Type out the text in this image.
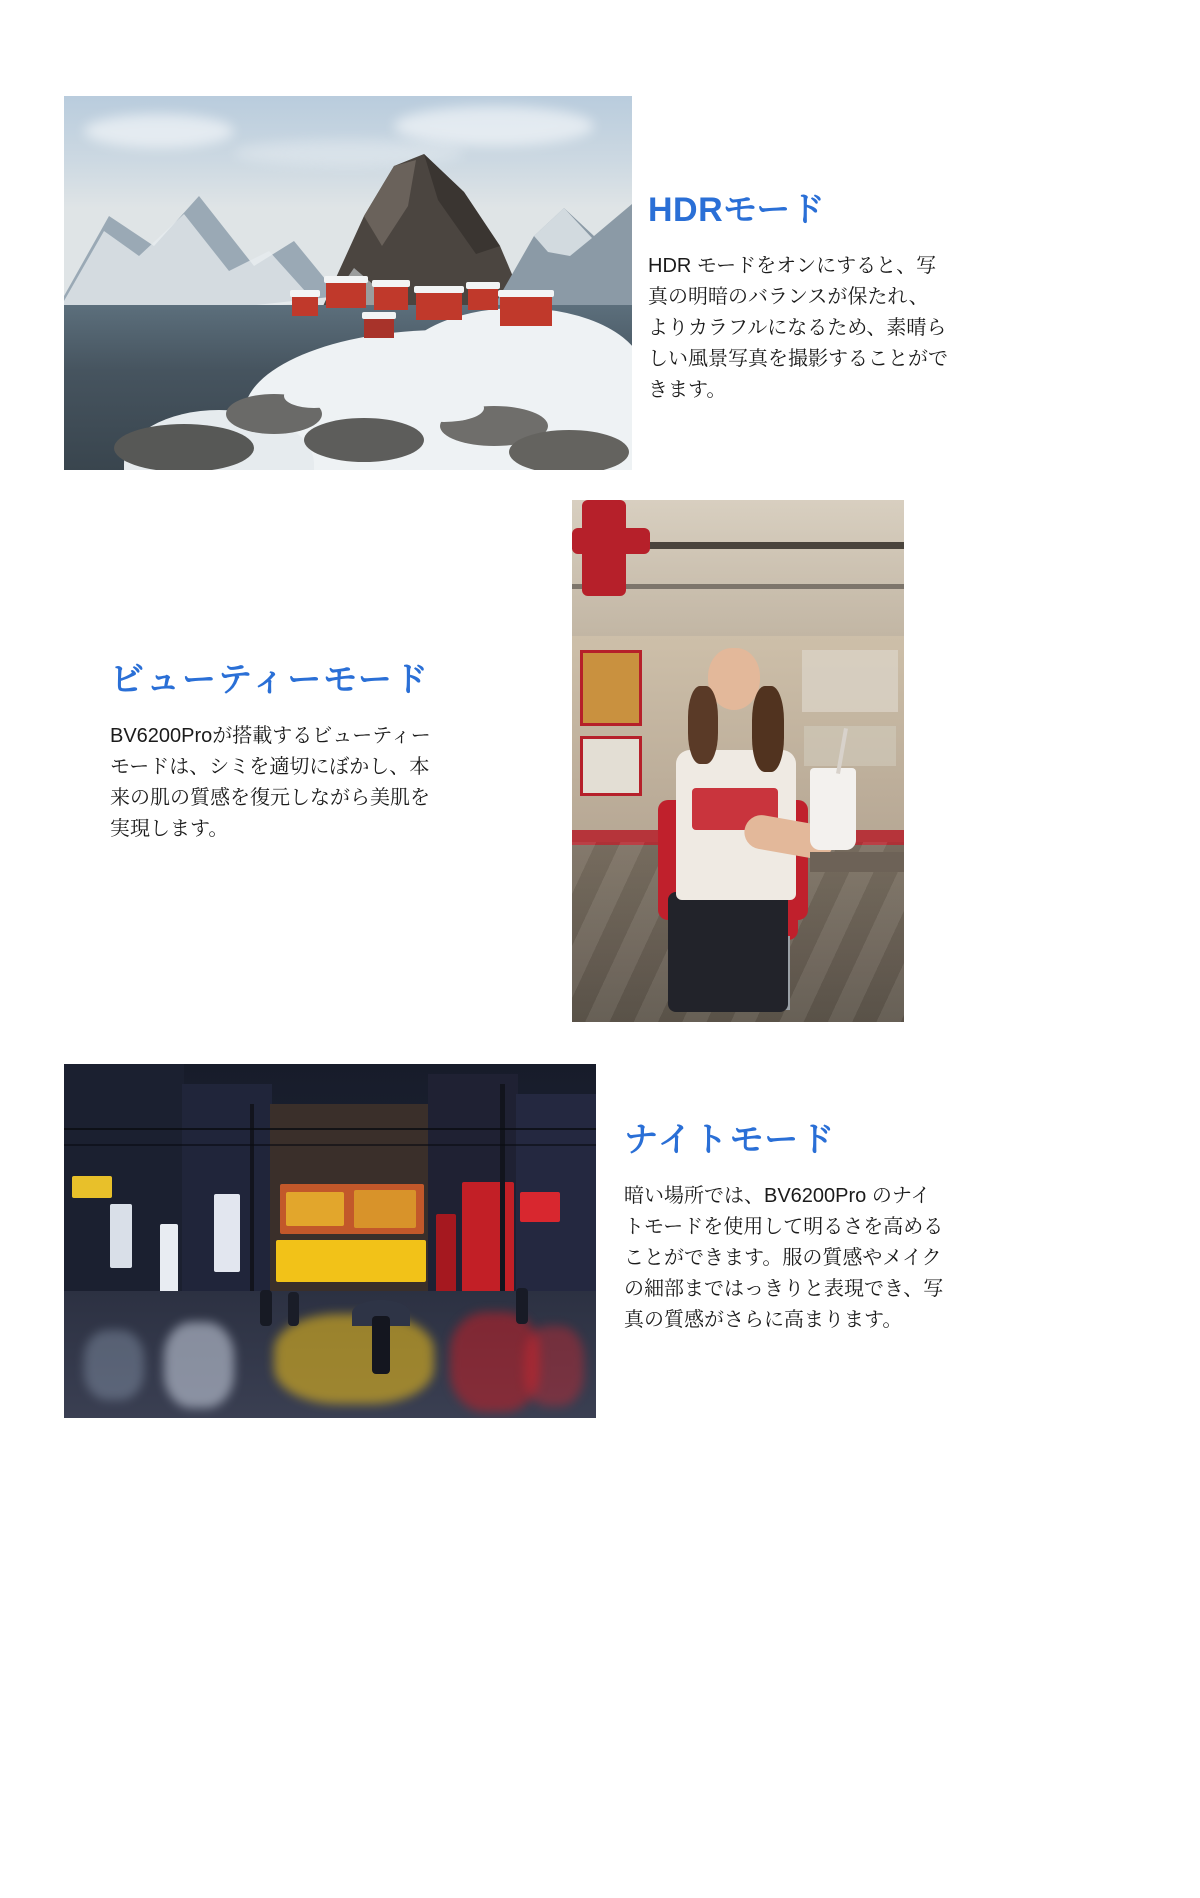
HDRモード

HDR モードをオンにすると、写真の明暗のバランスが保たれ、よりカラフルになるため、素晴らしい風景写真を撮影することができます。

ビューティーモード

BV6200Proが搭載するビューティーモードは、シミを適切にぼかし、本来の肌の質感を復元しながら美肌を実現します。

ナイトモード

暗い場所では、BV6200Pro のナイトモードを使用して明るさを高めることができます。服の質感やメイクの細部まではっきりと表現でき、写真の質感がさらに高まります。
